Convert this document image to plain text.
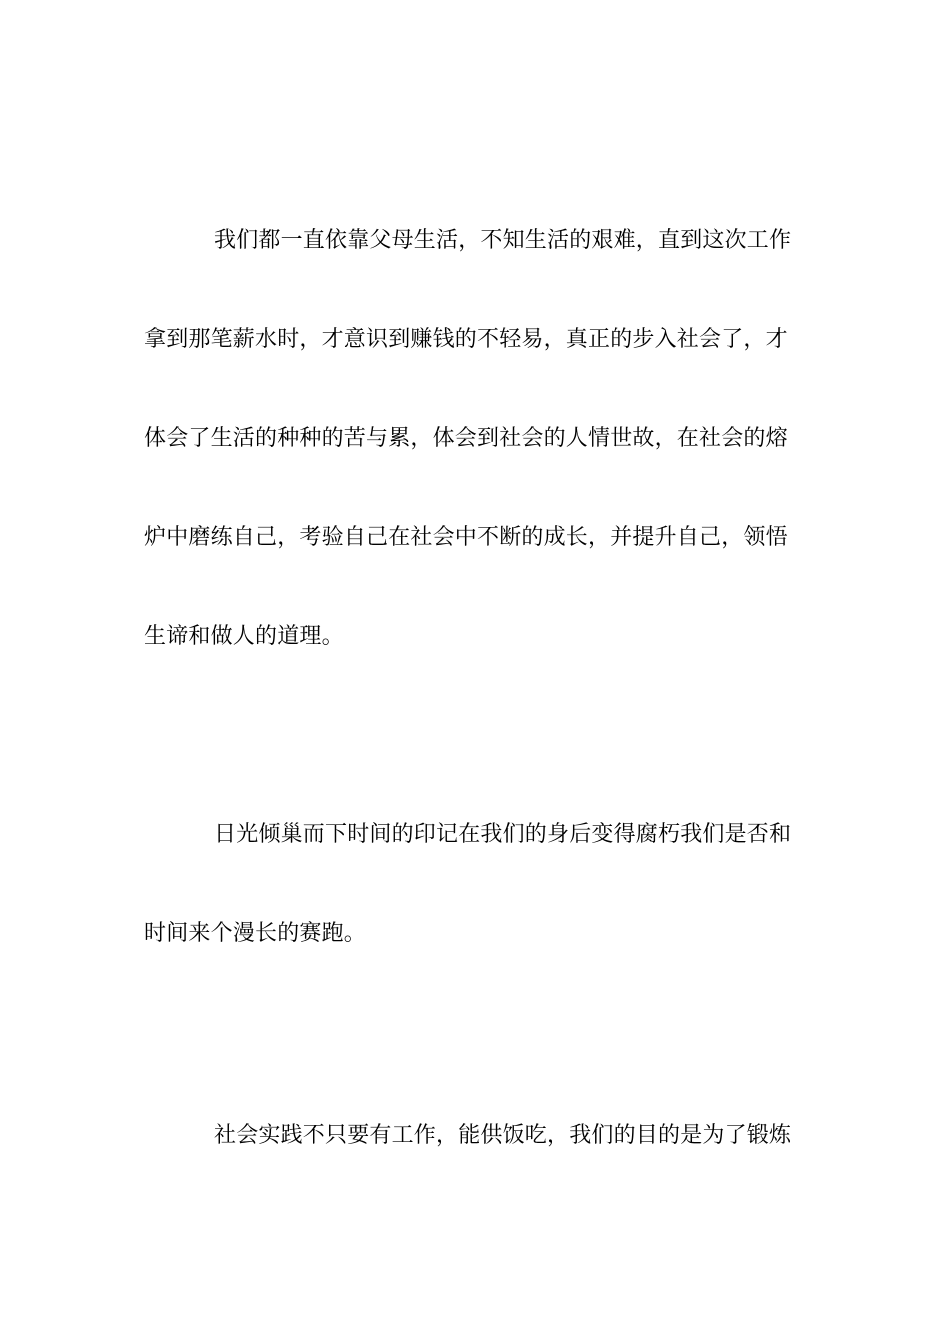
我们都一直依靠父母生活，不知生活的艰难，直到这次工作
拿到那笔薪水时，才意识到赚钱的不轻易，真正的步入社会了，才
体会了生活的种种的苦与累，体会到社会的人情世故，在社会的熔
炉中磨练自己，考验自己在社会中不断的成长，并提升自己，领悟
生谛和做人的道理。
日光倾巢而下时间的印记在我们的身后变得腐朽我们是否和
时间来个漫长的赛跑。
社会实践不只要有工作，能供饭吃，我们的目的是为了锻炼
